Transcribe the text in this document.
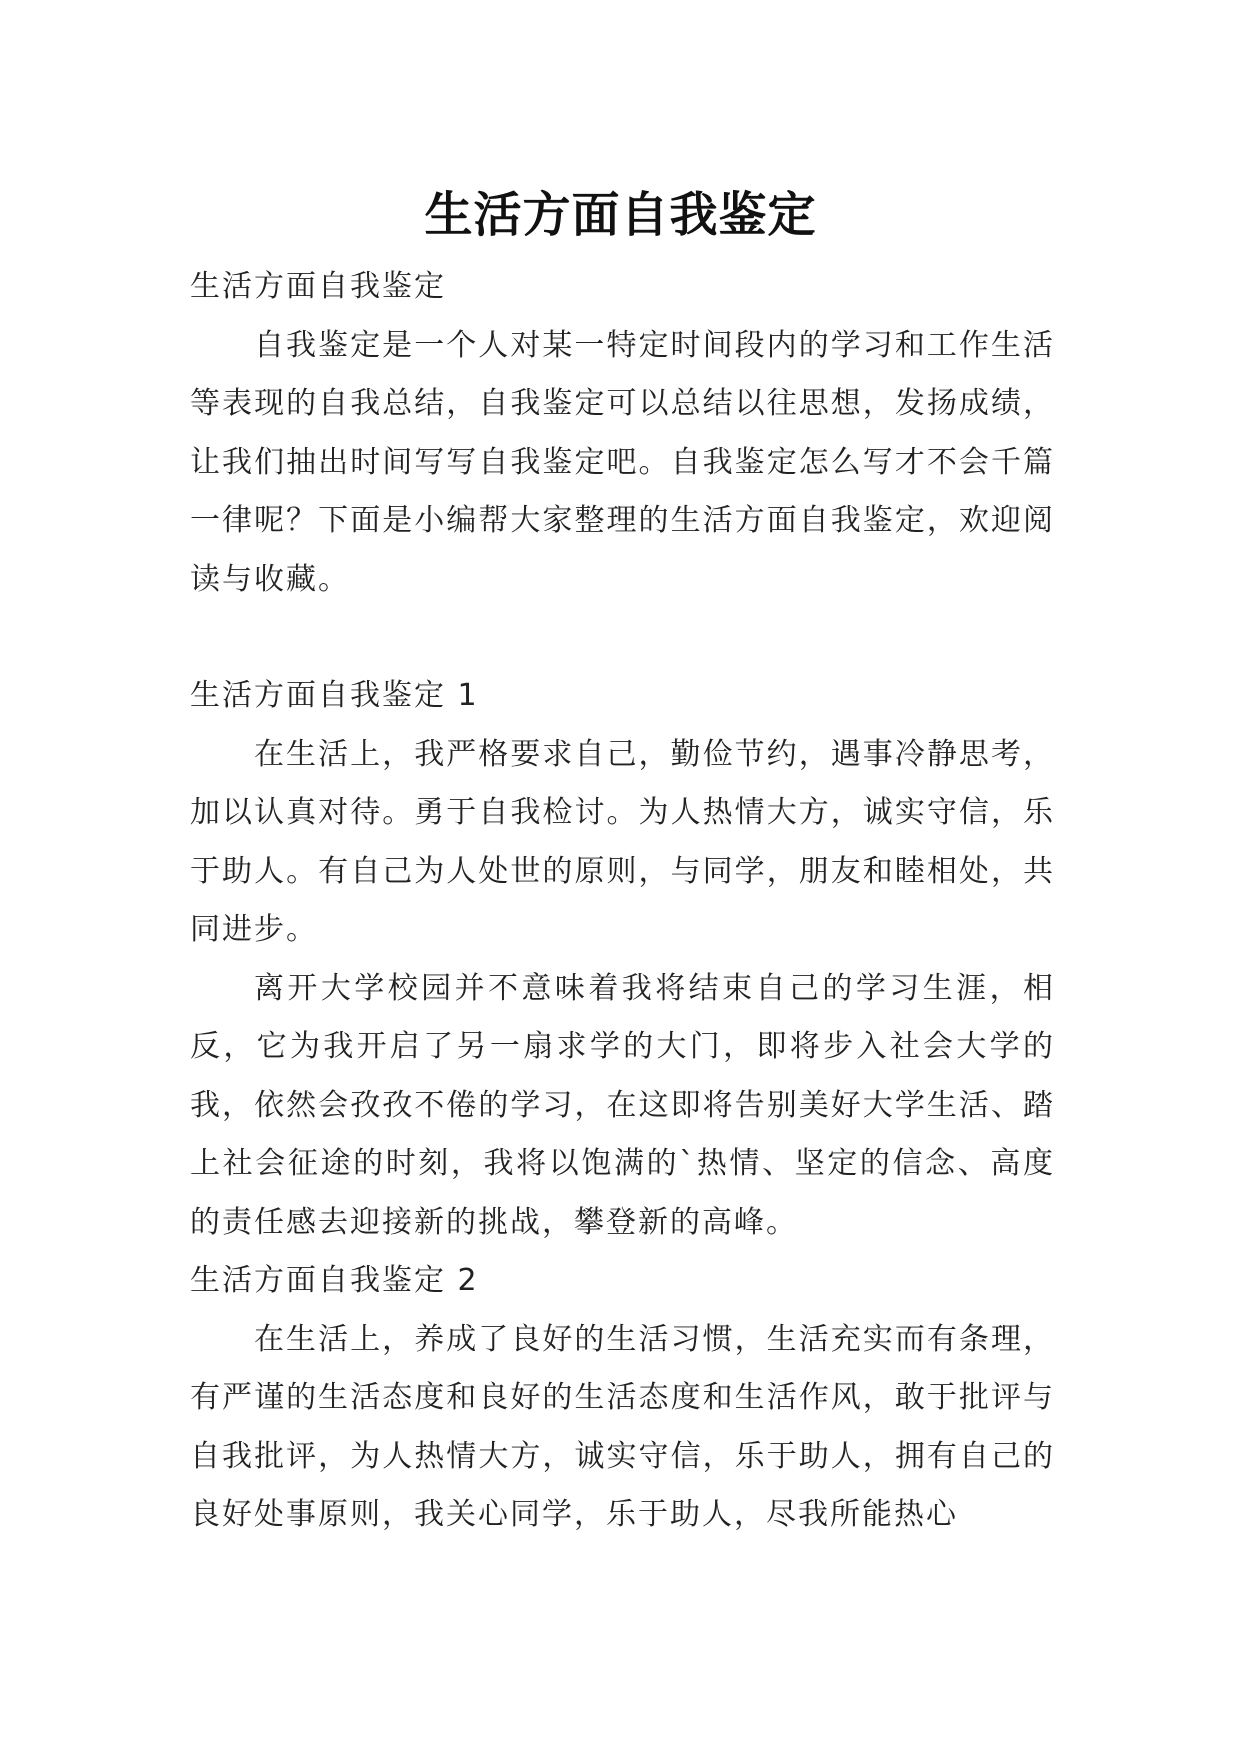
生活方面自我鉴定
生活方面自我鉴定

自我鉴定是一个人对某一特定时间段内的学习和工作生活等表现的自我总结，自我鉴定可以总结以往思想，发扬成绩，让我们抽出时间写写自我鉴定吧。自我鉴定怎么写才不会千篇一律呢？下面是小编帮大家整理的生活方面自我鉴定，欢迎阅读与收藏。

生活方面自我鉴定 1

在生活上，我严格要求自己，勤俭节约，遇事冷静思考，加以认真对待。勇于自我检讨。为人热情大方，诚实守信，乐于助人。有自己为人处世的原则，与同学，朋友和睦相处，共同进步。

离开大学校园并不意味着我将结束自己的学习生涯，相反，它为我开启了另一扇求学的大门，即将步入社会大学的我，依然会孜孜不倦的学习，在这即将告别美好大学生活、踏上社会征途的时刻，我将以饱满的`热情、坚定的信念、高度的责任感去迎接新的挑战，攀登新的高峰。

生活方面自我鉴定 2

在生活上，养成了良好的生活习惯，生活充实而有条理，有严谨的生活态度和良好的生活态度和生活作风，敢于批评与自我批评，为人热情大方，诚实守信，乐于助人，拥有自己的良好处事原则，我关心同学，乐于助人，尽我所能热心
